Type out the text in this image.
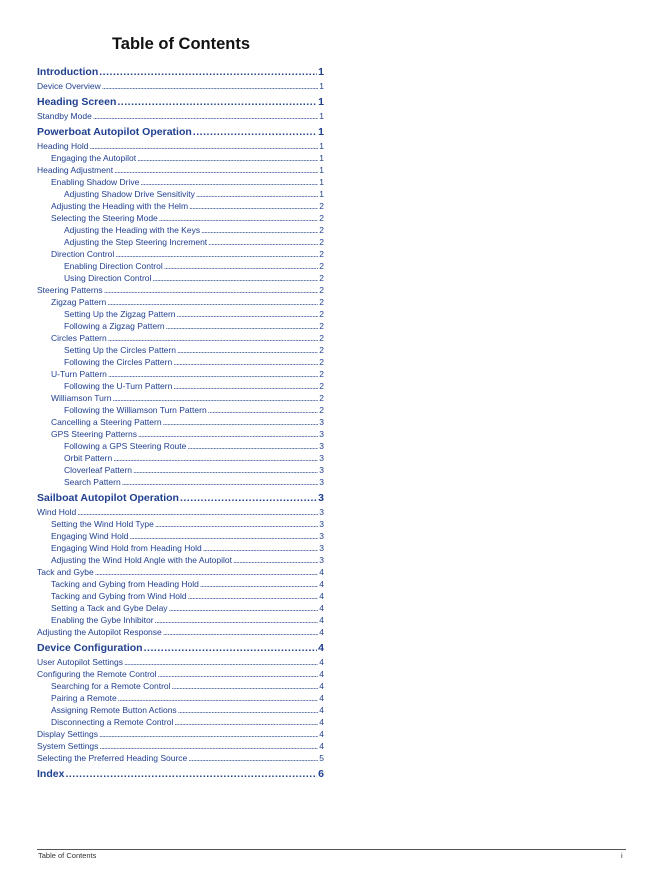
Table of Contents
Introduction . . .	1
Device Overview . . .	1
Heading Screen . . .	1
Standby Mode . . .	1
Powerboat Autopilot Operation . . .	1
Heading Hold . . .	1
Engaging the Autopilot . . .	1
Heading Adjustment . . .	1
Enabling Shadow Drive . . .	1
Adjusting Shadow Drive Sensitivity . . .	1
Adjusting the Heading with the Helm . . .	2
Selecting the Steering Mode . . .	2
Adjusting the Heading with the Keys . . .	2
Adjusting the Step Steering Increment . . .	2
Direction Control . . .	2
Enabling Direction Control . . .	2
Using Direction Control . . .	2
Steering Patterns . . .	2
Zigzag Pattern . . .	2
Setting Up the Zigzag Pattern . . .	2
Following a Zigzag Pattern . . .	2
Circles Pattern . . .	2
Setting Up the Circles Pattern . . .	2
Following the Circles Pattern . . .	2
U-Turn Pattern . . .	2
Following the U-Turn Pattern . . .	2
Williamson Turn . . .	2
Following the Williamson Turn Pattern . . .	2
Cancelling a Steering Pattern . . .	3
GPS Steering Patterns . . .	3
Following a GPS Steering Route . . .	3
Orbit Pattern . . .	3
Cloverleaf Pattern . . .	3
Search Pattern . . .	3
Sailboat Autopilot Operation . . .	3
Wind Hold . . .	3
Setting the Wind Hold Type . . .	3
Engaging Wind Hold . . .	3
Engaging Wind Hold from Heading Hold . . .	3
Adjusting the Wind Hold Angle with the Autopilot . . .	3
Tack and Gybe . . .	4
Tacking and Gybing from Heading Hold . . .	4
Tacking and Gybing from Wind Hold . . .	4
Setting a Tack and Gybe Delay . . .	4
Enabling the Gybe Inhibitor . . .	4
Adjusting the Autopilot Response . . .	4
Device Configuration . . .	4
User Autopilot Settings . . .	4
Configuring the Remote Control . . .	4
Searching for a Remote Control . . .	4
Pairing a Remote . . .	4
Assigning Remote Button Actions . . .	4
Disconnecting a Remote Control . . .	4
Display Settings . . .	4
System Settings . . .	4
Selecting the Preferred Heading Source . . .	5
Index . . .	6
Table of Contents	i
